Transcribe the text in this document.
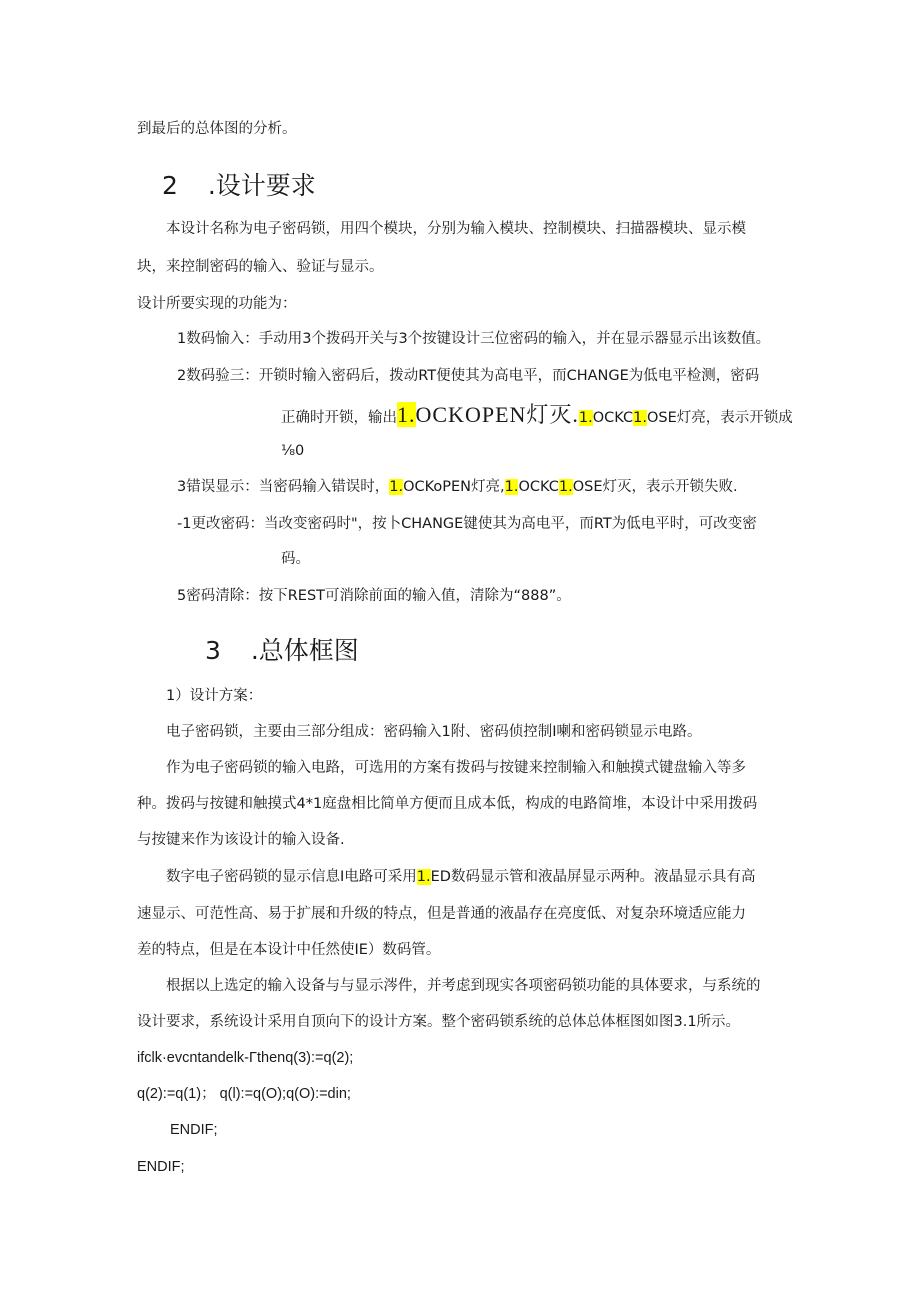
到最后的总体图的分析。
2 .设计要求
本设计名称为电子密码锁，用四个模块，分别为输入模块、控制模块、扫描器模块、显示模
块，来控制密码的输入、验证与显示。
设计所要实现的功能为：
1数码愉入：手动用3个拨码开关与3个按键设计三位密码的输入，并在显示器显示出该数值。
2数码验三：开锁时输入密码后，拨动RT便使其为高电平，而CHANGE为低电平检测，密码
正确时开锁，输出1.OCKOPEN灯灭.1.OCKC1.OSE灯亮，表示开锁成
⅛0
3错误显示：当密码输入错误时，1.OCKoPEN灯亮,1.OCKC1.OSE灯灭，表示开锁失败.
-1更改密码：当改变密码时"，按卜CHANGE键使其为高电平，而RT为低电平时，可改变密
码。
5密码清除：按下REST可消除前面的输入值，清除为“888”。
3 .总体框图
1）设计方案：
电子密码锁，主要由三部分组成：密码输入1附、密码侦控制I喇和密码锁显示电路。
作为电子密码锁的输入电路，可选用的方案有拨码与按键来控制输入和触摸式键盘输入等多
种。拨码与按键和触摸式4*1庭盘相比简单方便而且成本低，构成的电路简堆，本设计中采用拨码
与按键来作为该设计的输入设备.
数字电子密码锁的显示信息I电路可采用1.ED数码显示管和液晶屏显示两种。液晶显示具有高
速显示、可范性高、易于扩展和升级的特点，但是普通的液晶存在亮度低、对复杂环境适应能力
差的特点，但是在本设计中任然使IE）数码管。
根据以上选定的输入设备与与显示涔件，并考虑到现实各项密码锁功能的具体要求，与系统的
设计要求，系统设计采用自顶向下的设计方案。整个密码锁系统的总体总体框图如图3.1所示。
ifclk·evcntandelk-Γthenq(3):=q(2);
q(2):=q(1)； q(l):=q(O);q(O):=din;
ENDIF;
ENDIF;
